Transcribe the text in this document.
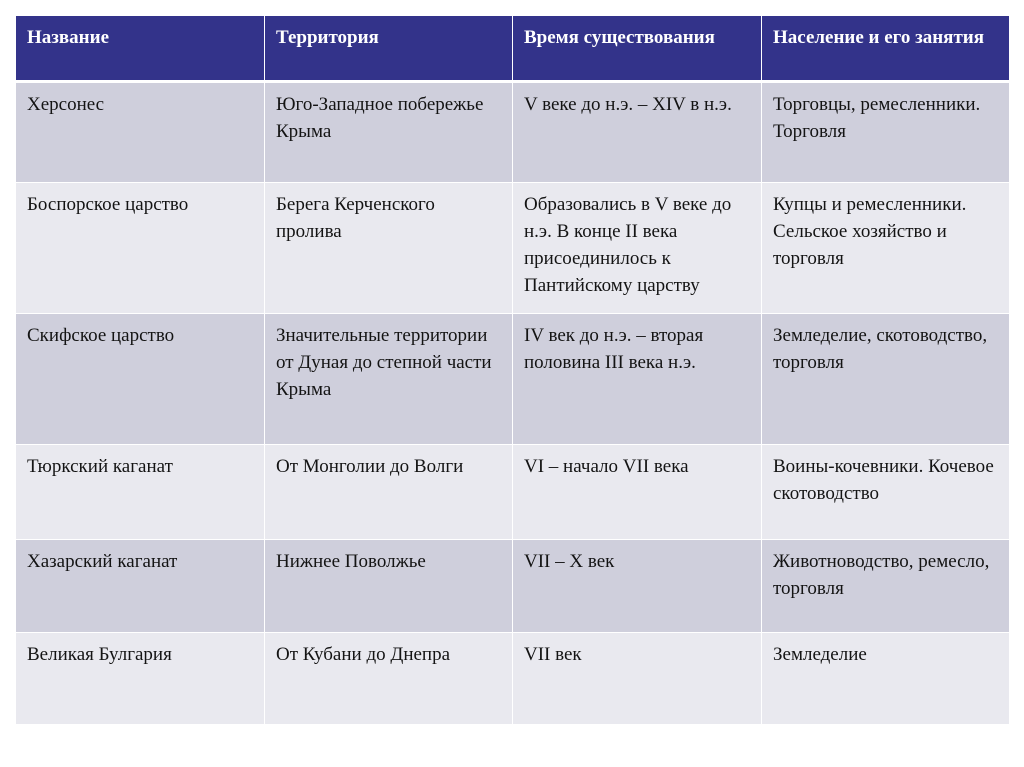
Название	Территория	Время существования	Население и его занятия
Херсонес	Юго-Западное побережье Крыма	V веке до н.э. – XIV в н.э.	Торговцы, ремесленники. Торговля
Боспорское царство	Берега Керченского пролива	Образовались в V веке до н.э. В конце II века присоединилось к Пантийскому царству	Купцы и ремесленники. Сельское хозяйство и торговля
Скифское царство	Значительные территории от Дуная до степной части Крыма	IV век до н.э. – вторая половина III века н.э.	Земледелие, скотоводство, торговля
Тюркский каганат	От Монголии до Волги	VI – начало VII века	Воины-кочевники. Кочевое скотоводство
Хазарский каганат	Нижнее Поволжье	VII – X век	Животноводство, ремесло, торговля
Великая Булгария	От Кубани до Днепра	VII век	Земледелие
